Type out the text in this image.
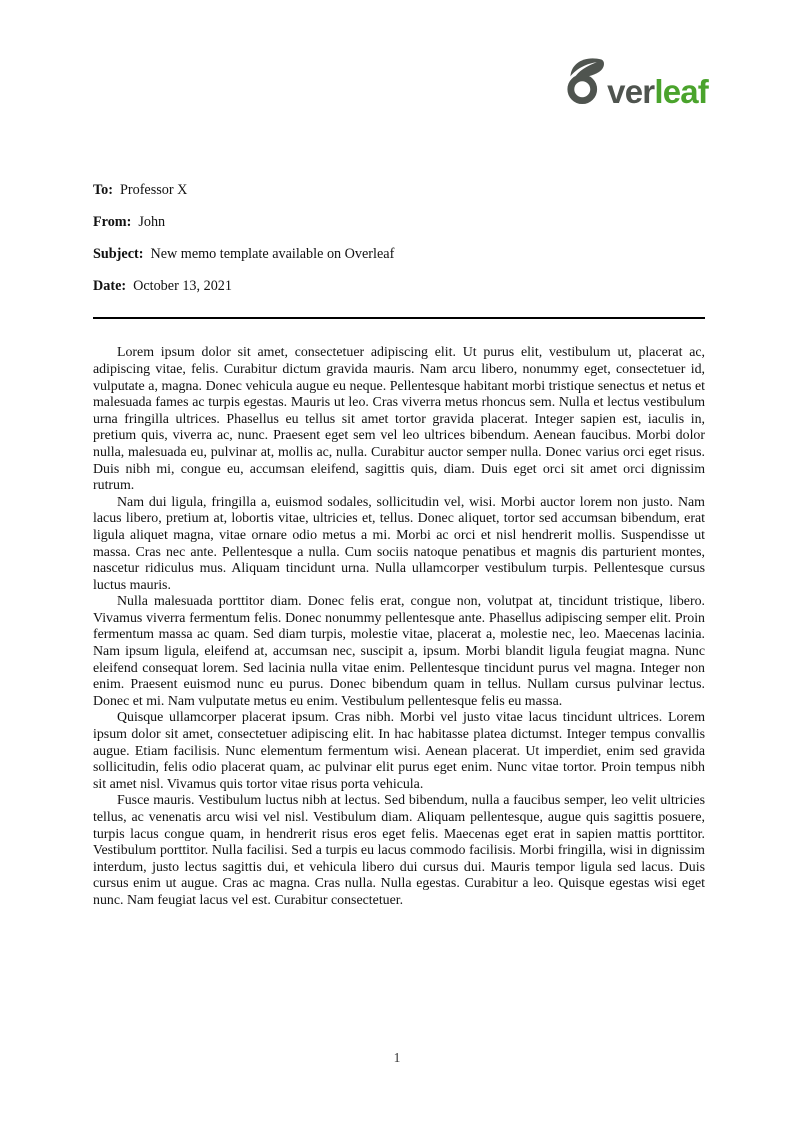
verleaf

To: Professor X

From: John

Subject: New memo template available on Overleaf

Date: October 13, 2021

Lorem ipsum dolor sit amet, consectetuer adipiscing elit. Ut purus elit, vestibulum ut, placerat ac, adipiscing vitae, felis. Curabitur dictum gravida mauris. Nam arcu libero, nonummy eget, consectetuer id, vulputate a, magna. Donec vehicula augue eu neque. Pellentesque habitant morbi tristique senectus et netus et malesuada fames ac turpis egestas. Mauris ut leo. Cras viverra metus rhoncus sem. Nulla et lectus vestibulum urna fringilla ultrices. Phasellus eu tellus sit amet tortor gravida placerat. Integer sapien est, iaculis in, pretium quis, viverra ac, nunc. Praesent eget sem vel leo ultrices bibendum. Aenean faucibus. Morbi dolor nulla, malesuada eu, pulvinar at, mollis ac, nulla. Curabitur auctor semper nulla. Donec varius orci eget risus. Duis nibh mi, congue eu, accumsan eleifend, sagittis quis, diam. Duis eget orci sit amet orci dignissim rutrum.

Nam dui ligula, fringilla a, euismod sodales, sollicitudin vel, wisi. Morbi auctor lorem non justo. Nam lacus libero, pretium at, lobortis vitae, ultricies et, tellus. Donec aliquet, tortor sed accumsan bibendum, erat ligula aliquet magna, vitae ornare odio metus a mi. Morbi ac orci et nisl hendrerit mollis. Suspendisse ut massa. Cras nec ante. Pellentesque a nulla. Cum sociis natoque penatibus et magnis dis parturient montes, nascetur ridiculus mus. Aliquam tincidunt urna. Nulla ullamcorper vestibulum turpis. Pellentesque cursus luctus mauris.

Nulla malesuada porttitor diam. Donec felis erat, congue non, volutpat at, tincidunt tristique, libero. Vivamus viverra fermentum felis. Donec nonummy pellentesque ante. Phasellus adipiscing semper elit. Proin fermentum massa ac quam. Sed diam turpis, molestie vitae, placerat a, molestie nec, leo. Maecenas lacinia. Nam ipsum ligula, eleifend at, accumsan nec, suscipit a, ipsum. Morbi blandit ligula feugiat magna. Nunc eleifend consequat lorem. Sed lacinia nulla vitae enim. Pellentesque tincidunt purus vel magna. Integer non enim. Praesent euismod nunc eu purus. Donec bibendum quam in tellus. Nullam cursus pulvinar lectus. Donec et mi. Nam vulputate metus eu enim. Vestibulum pellentesque felis eu massa.

Quisque ullamcorper placerat ipsum. Cras nibh. Morbi vel justo vitae lacus tincidunt ultrices. Lorem ipsum dolor sit amet, consectetuer adipiscing elit. In hac habitasse platea dictumst. Integer tempus convallis augue. Etiam facilisis. Nunc elementum fermentum wisi. Aenean placerat. Ut imperdiet, enim sed gravida sollicitudin, felis odio placerat quam, ac pulvinar elit purus eget enim. Nunc vitae tortor. Proin tempus nibh sit amet nisl. Vivamus quis tortor vitae risus porta vehicula.

Fusce mauris. Vestibulum luctus nibh at lectus. Sed bibendum, nulla a faucibus semper, leo velit ultricies tellus, ac venenatis arcu wisi vel nisl. Vestibulum diam. Aliquam pellentesque, augue quis sagittis posuere, turpis lacus congue quam, in hendrerit risus eros eget felis. Maecenas eget erat in sapien mattis porttitor. Vestibulum porttitor. Nulla facilisi. Sed a turpis eu lacus commodo facilisis. Morbi fringilla, wisi in dignissim interdum, justo lectus sagittis dui, et vehicula libero dui cursus dui. Mauris tempor ligula sed lacus. Duis cursus enim ut augue. Cras ac magna. Cras nulla. Nulla egestas. Curabitur a leo. Quisque egestas wisi eget nunc. Nam feugiat lacus vel est. Curabitur consectetuer.

1
